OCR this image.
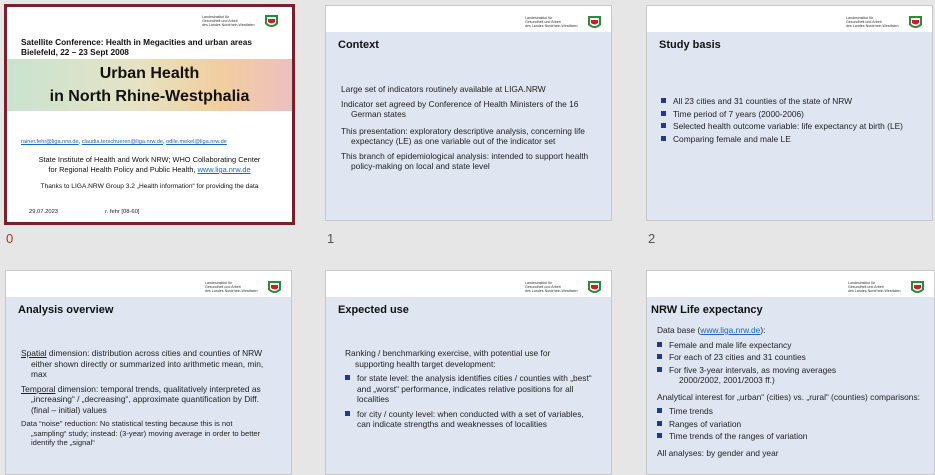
Landesinstitut für
Gesundheit und Arbeit
des Landes Nordrhein-Westfalen
Satellite Conference: Health in Megacities and urban areas
Bielefeld, 22 – 23 Sept 2008
Urban Health
in North Rhine-Westphalia
rainer.fehr@liga.nrw.de, claudia.terschueren@liga.nrw.de, odile.mekel@liga.nrw.de
State Institute of Health and Work NRW; WHO Collaborating Center
for Regional Health Policy and Public Health, www.liga.nrw.de
Thanks to LIGA.NRW Group 3.2 „Health information“ for providing the data
29.07.2023	r. fehr [08-60]
0
Landesinstitut für
Gesundheit und Arbeit
des Landes Nordrhein-Westfalen
Context
Large set of indicators routinely available at LIGA.NRW
Indicator set agreed by Conference of Health Ministers of the 16
German states
This presentation: exploratory descriptive analysis, concerning life
expectancy (LE) as one variable out of the indicator set
This branch of epidemiological analysis: intended to support health
policy-making on local and state level
1
Landesinstitut für
Gesundheit und Arbeit
des Landes Nordrhein-Westfalen
Study basis
All 23 cities and 31 counties of the state of NRW
Time period of 7 years (2000-2006)
Selected health outcome variable: life expectancy at birth (LE)
Comparing female and male LE
2
Landesinstitut für
Gesundheit und Arbeit
des Landes Nordrhein-Westfalen
Analysis overview
Spatial dimension: distribution across cities and counties of NRW
either shown directly or summarized into arithmetic mean, min,
max
Temporal dimension: temporal trends, qualitatively interpreted as
„increasing“ / „decreasing“, approximate quantification by Diff.
(final – initial) values
Data “noise” reduction: No statistical testing because this is not
„sampling“ study; instead: (3-year) moving average in order to better
identify the „signal“
Landesinstitut für
Gesundheit und Arbeit
des Landes Nordrhein-Westfalen
Expected use
Ranking / benchmarking exercise, with potential use for
supporting health target development:
for state level: the analysis identifies cities / counties with „best“
and „worst“ performance, indicates relative positions for all
localities
for city / county level: when conducted with a set of variables,
can indicate strengths and weaknesses of localities
Landesinstitut für
Gesundheit und Arbeit
des Landes Nordrhein-Westfalen
NRW Life expectancy
Data base (www.liga.nrw.de):
Female and male life expectancy
For each of 23 cities and 31 counties
For five 3-year intervals, as moving averages
2000/2002, 2001/2003 ff.)
Analytical interest for „urban“ (cities) vs. „rural“ (counties) comparisons:
Time trends
Ranges of variation
Time trends of the ranges of variation
All analyses: by gender and year
